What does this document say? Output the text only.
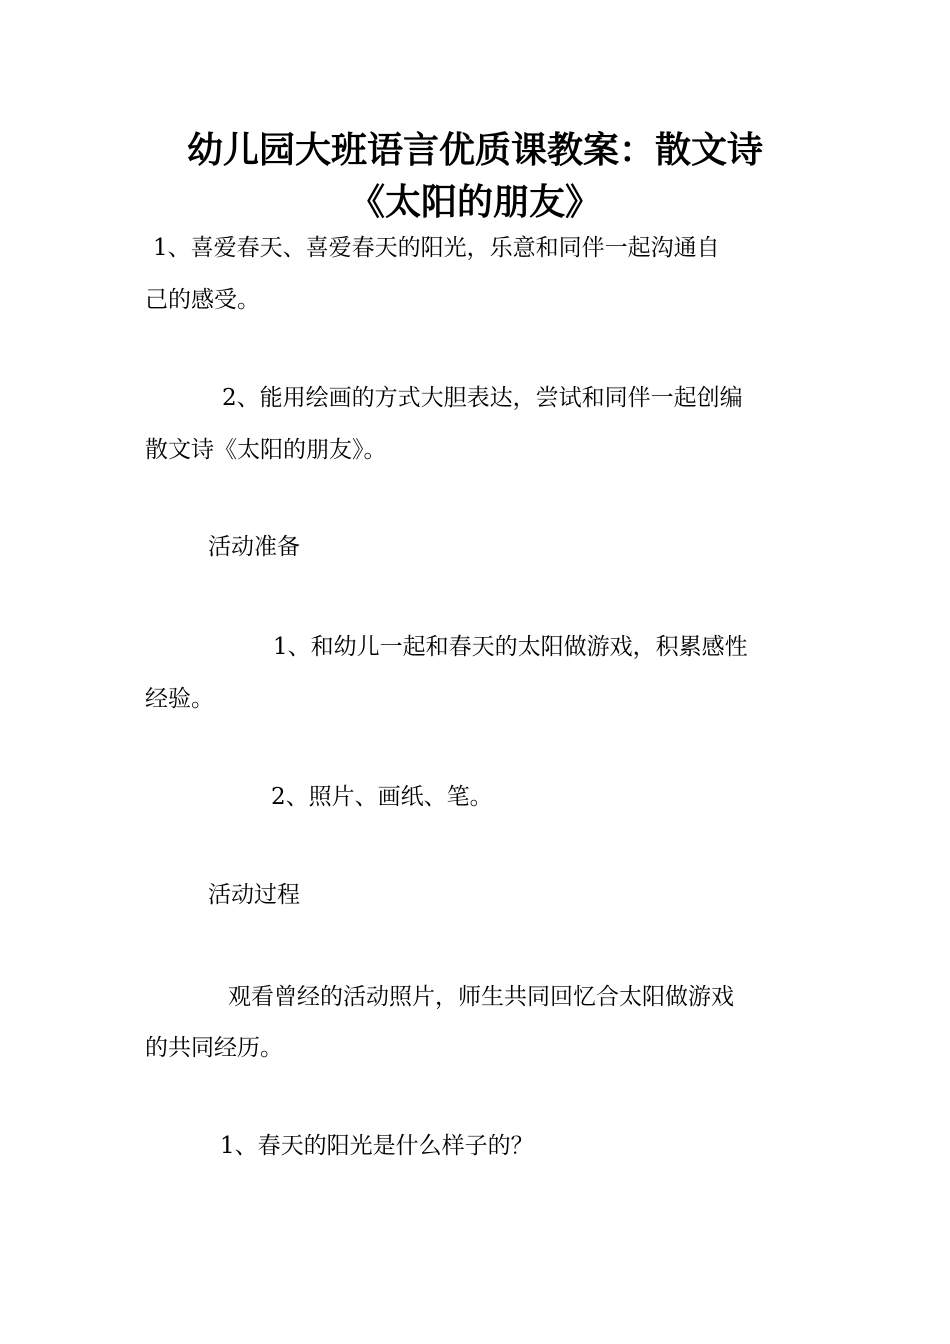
幼儿园大班语言优质课教案：散文诗
《太阳的朋友》
1、喜爱春天、喜爱春天的阳光，乐意和同伴一起沟通自
己的感受。
2、能用绘画的方式大胆表达，尝试和同伴一起创编
散文诗《太阳的朋友》。
活动准备
1、和幼儿一起和春天的太阳做游戏，积累感性
经验。
2、照片、画纸、笔。
活动过程
观看曾经的活动照片，师生共同回忆合太阳做游戏
的共同经历。
1、春天的阳光是什么样子的？
